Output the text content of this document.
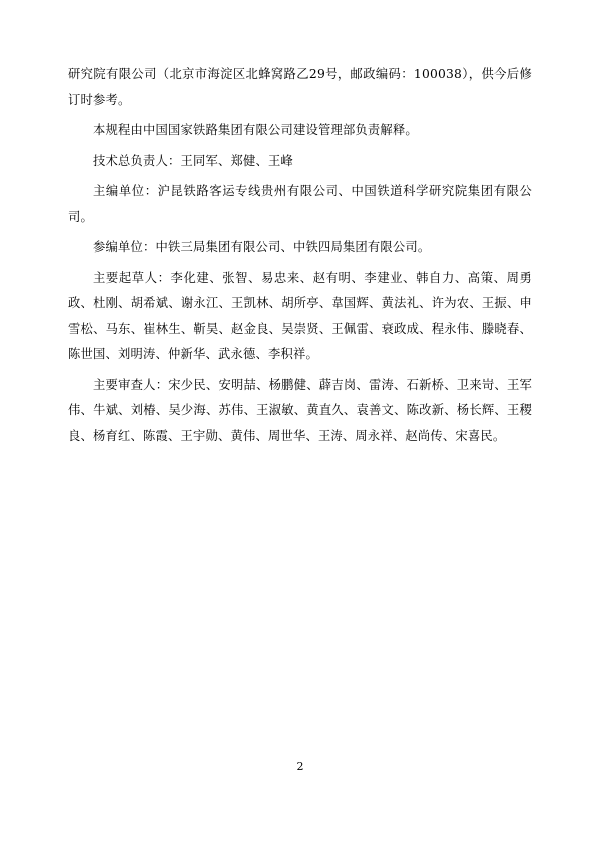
研究院有限公司（北京市海淀区北蜂窝路乙29号，邮政编码：100038），供今后修订时参考。

本规程由中国国家铁路集团有限公司建设管理部负责解释。

技术总负责人：王同军、郑健、王峰

主编单位：沪昆铁路客运专线贵州有限公司、中国铁道科学研究院集团有限公司。

参编单位：中铁三局集团有限公司、中铁四局集团有限公司。

主要起草人：李化建、张智、易忠来、赵有明、李建业、韩自力、高策、周勇政、杜刚、胡希斌、谢永江、王凯林、胡所亭、韋国辉、黄法礼、许为农、王振、申雪松、马东、崔林生、靳昊、赵金良、吴崇贤、王佩雷、衰政成、程永伟、滕晓春、陈世国、刘明涛、仲新华、武永德、李积祥。

主要审查人：宋少民、安明喆、杨鹏健、薜吉岗、雷涛、石新桥、卫来岢、王军伟、牛斌、刘椿、吴少海、苏伟、王淑敏、黄直久、袁善文、陈改新、杨长辉、王稷良、杨育红、陈霞、王宇勋、黄伟、周世华、王涛、周永祥、赵尚传、宋喜民。

2
